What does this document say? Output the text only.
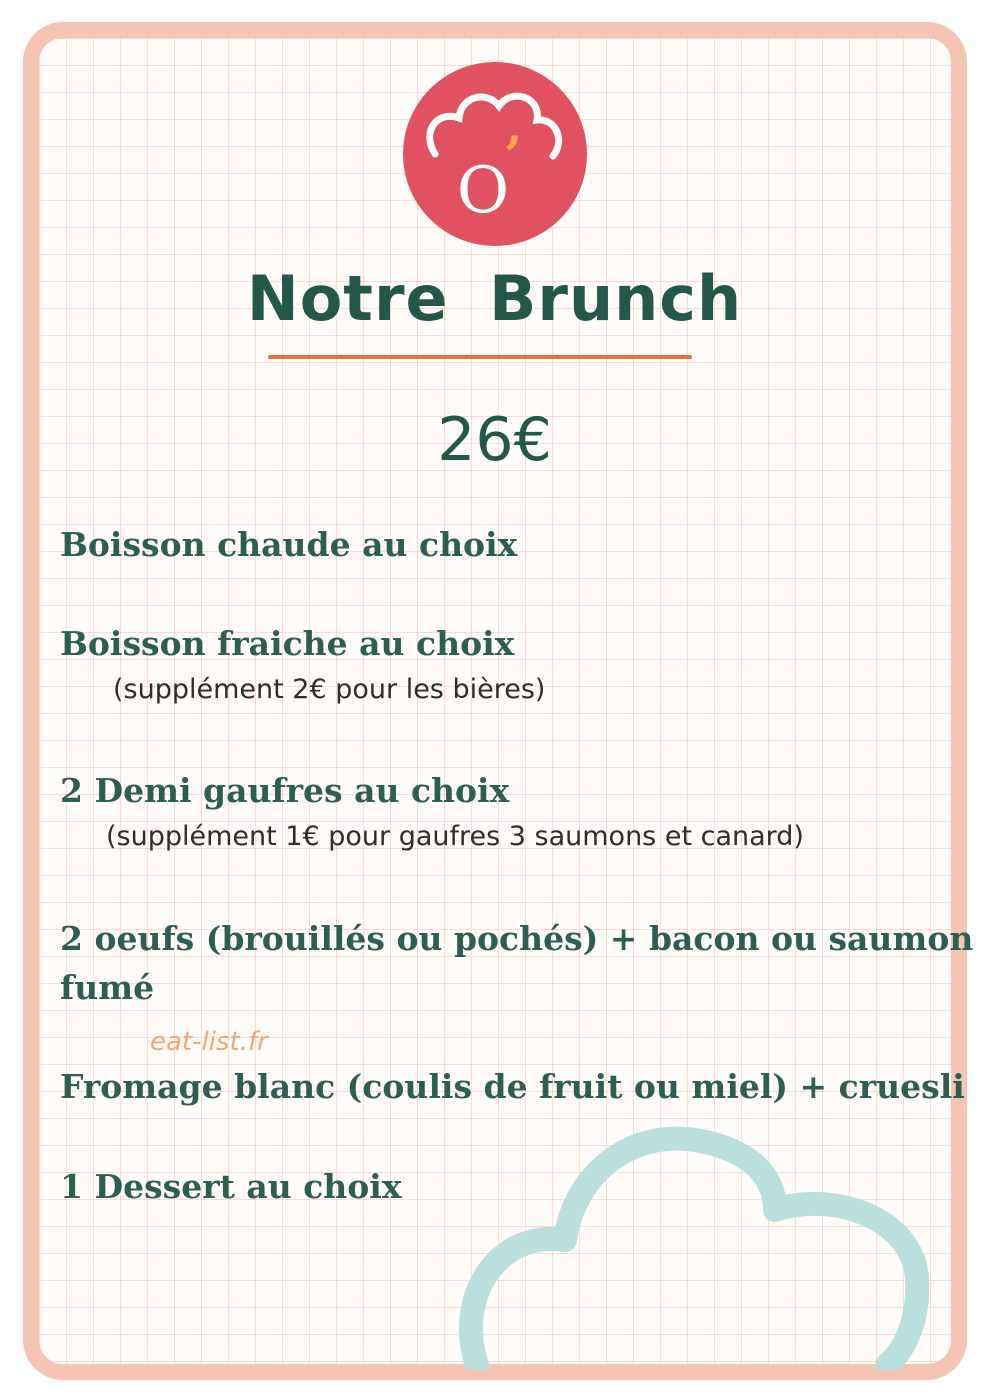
O
’
Notre Brunch
26€

Boisson chaude au choix

Boisson fraiche au choix

(supplément 2€ pour les bières)

2 Demi gaufres au choix

(supplément 1€ pour gaufres 3 saumons et canard)

2 oeufs (brouillés ou pochés) + bacon ou saumon

fumé

eat-list.fr

Fromage blanc (coulis de fruit ou miel) + cruesli

1 Dessert au choix
